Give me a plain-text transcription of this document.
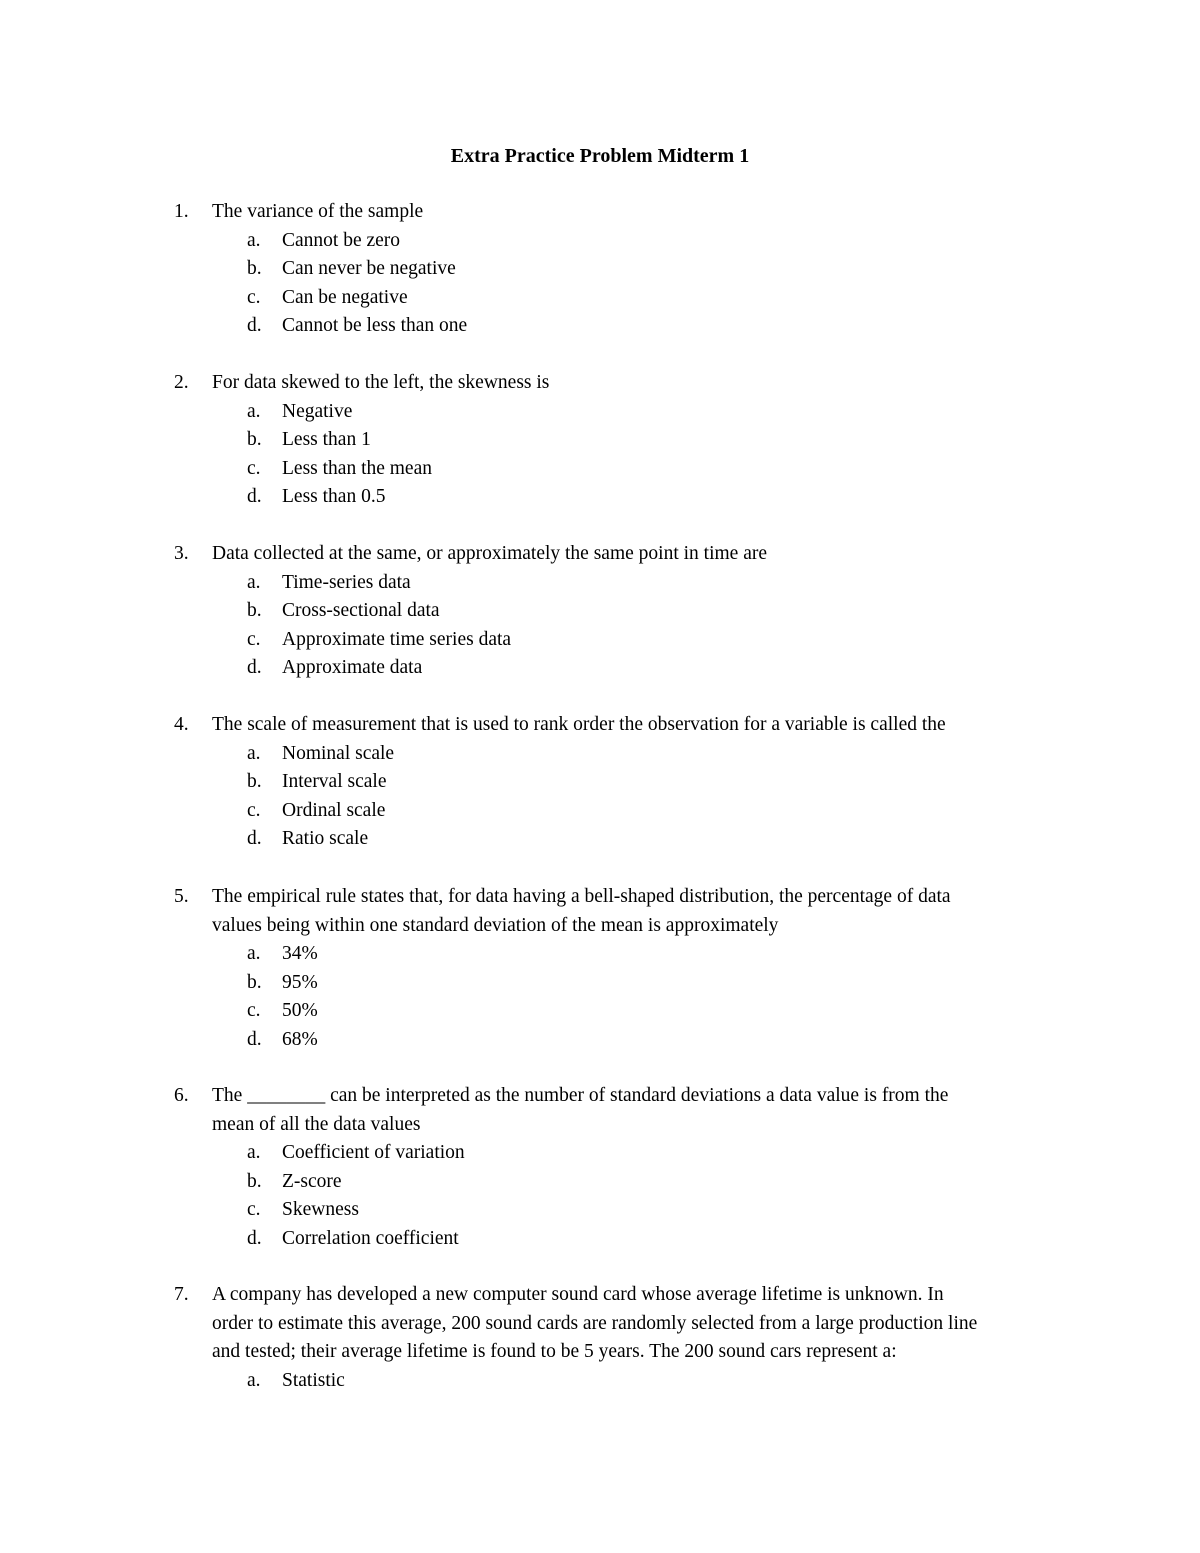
Extra Practice Problem Midterm 1
1. The variance of the sample
a. Cannot be zero
b. Can never be negative
c. Can be negative
d. Cannot be less than one
2. For data skewed to the left, the skewness is
a. Negative
b. Less than 1
c. Less than the mean
d. Less than 0.5
3. Data collected at the same, or approximately the same point in time are
a. Time-series data
b. Cross-sectional data
c. Approximate time series data
d. Approximate data
4. The scale of measurement that is used to rank order the observation for a variable is called the
a. Nominal scale
b. Interval scale
c. Ordinal scale
d. Ratio scale
5. The empirical rule states that, for data having a bell-shaped distribution, the percentage of data
values being within one standard deviation of the mean is approximately
a. 34%
b. 95%
c. 50%
d. 68%
6. The ________ can be interpreted as the number of standard deviations a data value is from the
mean of all the data values
a. Coefficient of variation
b. Z-score
c. Skewness
d. Correlation coefficient
7. A company has developed a new computer sound card whose average lifetime is unknown. In
order to estimate this average, 200 sound cards are randomly selected from a large production line
and tested; their average lifetime is found to be 5 years. The 200 sound cars represent a:
a. Statistic
